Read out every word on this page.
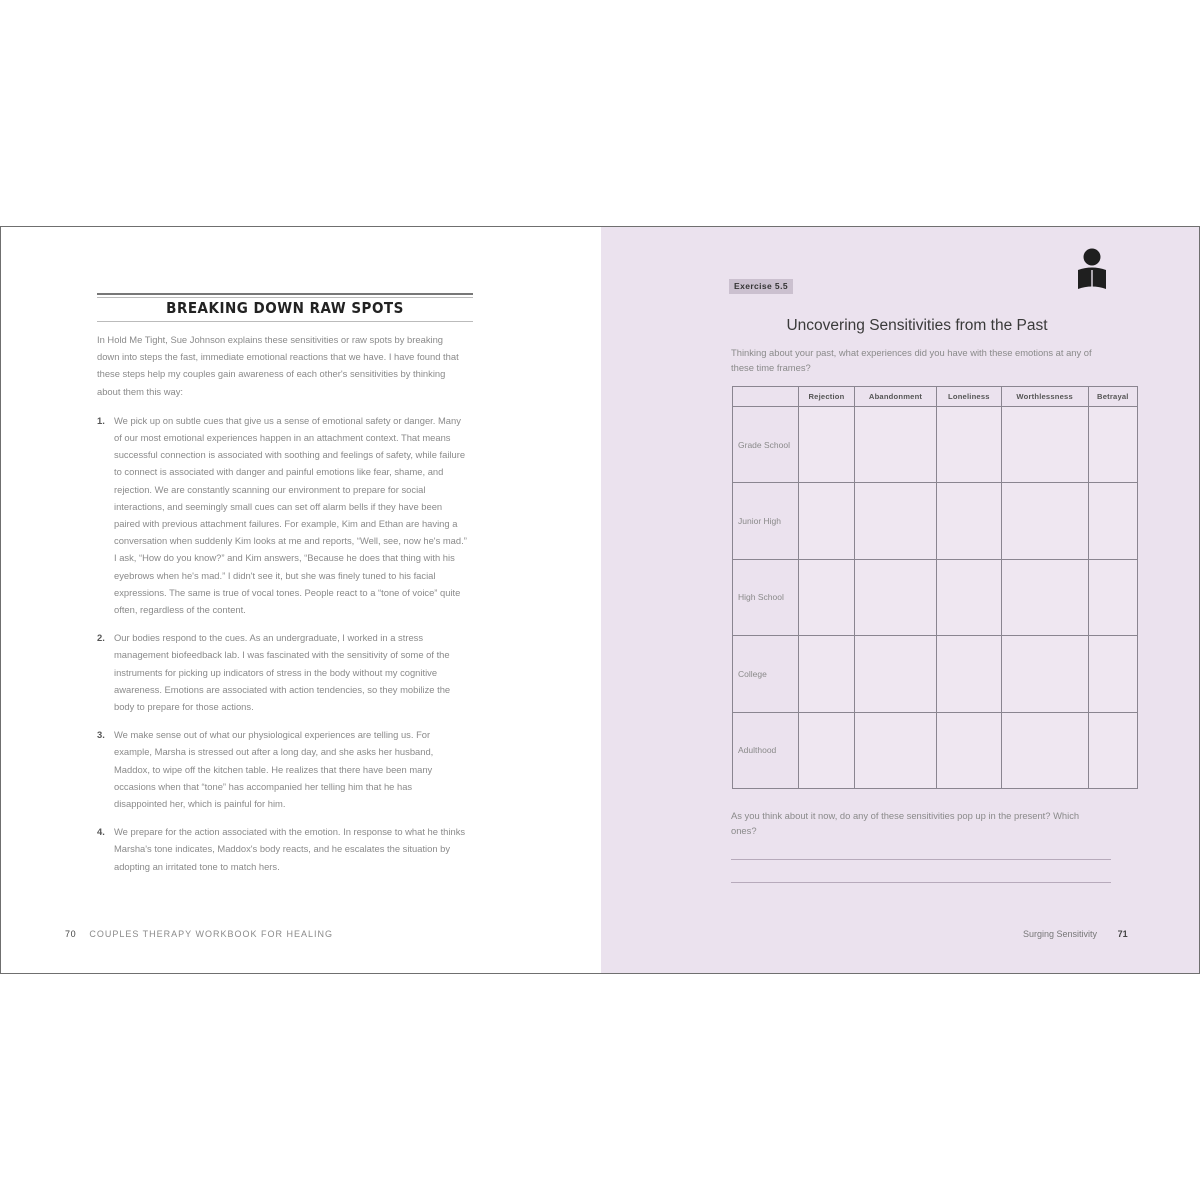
BREAKING DOWN RAW SPOTS

In Hold Me Tight, Sue Johnson explains these sensitivities or raw spots by breaking down into steps the fast, immediate emotional reactions that we have. I have found that these steps help my couples gain awareness of each other's sensitivities by thinking about them this way:

1. We pick up on subtle cues that give us a sense of emotional safety or danger. Many of our most emotional experiences happen in an attachment context. That means successful connection is associated with soothing and feelings of safety, while failure to connect is associated with danger and painful emotions like fear, shame, and rejection. We are constantly scanning our environment to prepare for social interactions, and seemingly small cues can set off alarm bells if they have been paired with previous attachment failures. For example, Kim and Ethan are having a conversation when suddenly Kim looks at me and reports, “Well, see, now he's mad.” I ask, “How do you know?” and Kim answers, “Because he does that thing with his eyebrows when he's mad.” I didn't see it, but she was finely tuned to his facial expressions. The same is true of vocal tones. People react to a “tone of voice” quite often, regardless of the content.
2. Our bodies respond to the cues. As an undergraduate, I worked in a stress management biofeedback lab. I was fascinated with the sensitivity of some of the instruments for picking up indicators of stress in the body without my cognitive awareness. Emotions are associated with action tendencies, so they mobilize the body to prepare for those actions.
3. We make sense out of what our physiological experiences are telling us. For example, Marsha is stressed out after a long day, and she asks her husband, Maddox, to wipe off the kitchen table. He realizes that there have been many occasions when that “tone” has accompanied her telling him that he has disappointed her, which is painful for him.
4. We prepare for the action associated with the emotion. In response to what he thinks Marsha's tone indicates, Maddox's body reacts, and he escalates the situation by adopting an irritated tone to match hers.
70 COUPLES THERAPY WORKBOOK FOR HEALING
Exercise 5.5
Uncovering Sensitivities from the Past
Thinking about your past, what experiences did you have with these emotions at any of these time frames?
	Rejection	Abandonment	Loneliness	Worthlessness	Betrayal
Grade School					
Junior High					
High School					
College					
Adulthood					
As you think about it now, do any of these sensitivities pop up in the present? Which ones?
Surging Sensitivity 71
